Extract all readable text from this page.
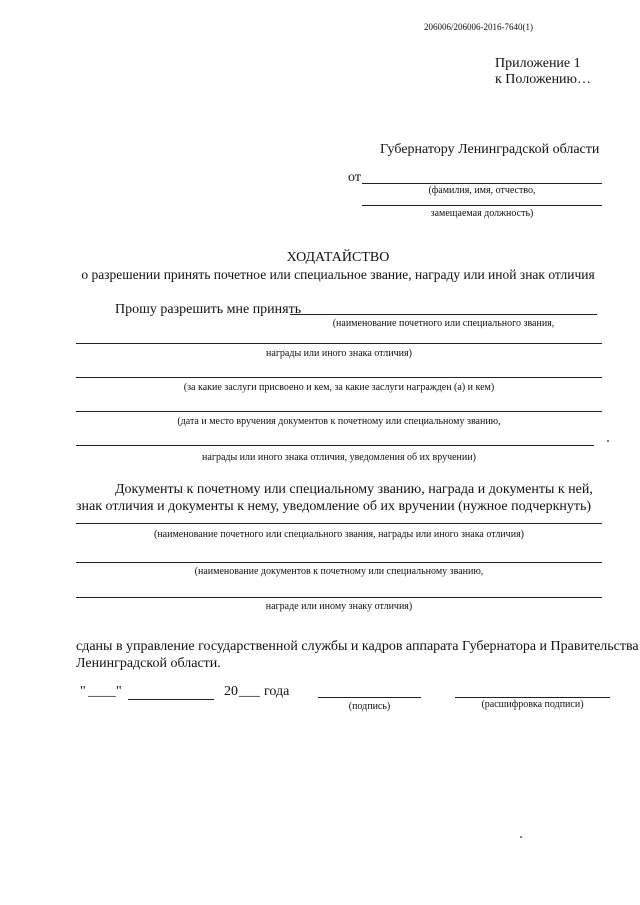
206006/206006-2016-7640(1)
Приложение 1
к Положению…
Губернатору Ленинградской области
от
(фамилия, имя, отчество,
замещаемая должность)
ХОДАТАЙСТВО
о разрешении принять почетное или специальное звание, награду или иной знак отличия
Прошу разрешить мне принять
(наименование почетного или специального звания,
награды или иного знака отличия)
(за какие заслуги присвоено и кем, за какие заслуги награжден (а) и кем)
(дата и место вручения документов к почетному или специальному званию,
награды или иного знака отличия, уведомления об их вручении)
Документы к почетному или специальному званию, награда и документы к ней,
знак отличия и документы к нему, уведомление об их вручении (нужное подчеркнуть)
(наименование почетного или специального звания, награды или иного знака отличия)
(наименование документов к почетному или специальному званию,
награде или иному знаку отличия)
сданы в управление государственной службы и кадров аппарата Губернатора и Правительства
Ленинградской области.
" ____ "	20 ___ года
(подпись)	(расшифровка подписи)
